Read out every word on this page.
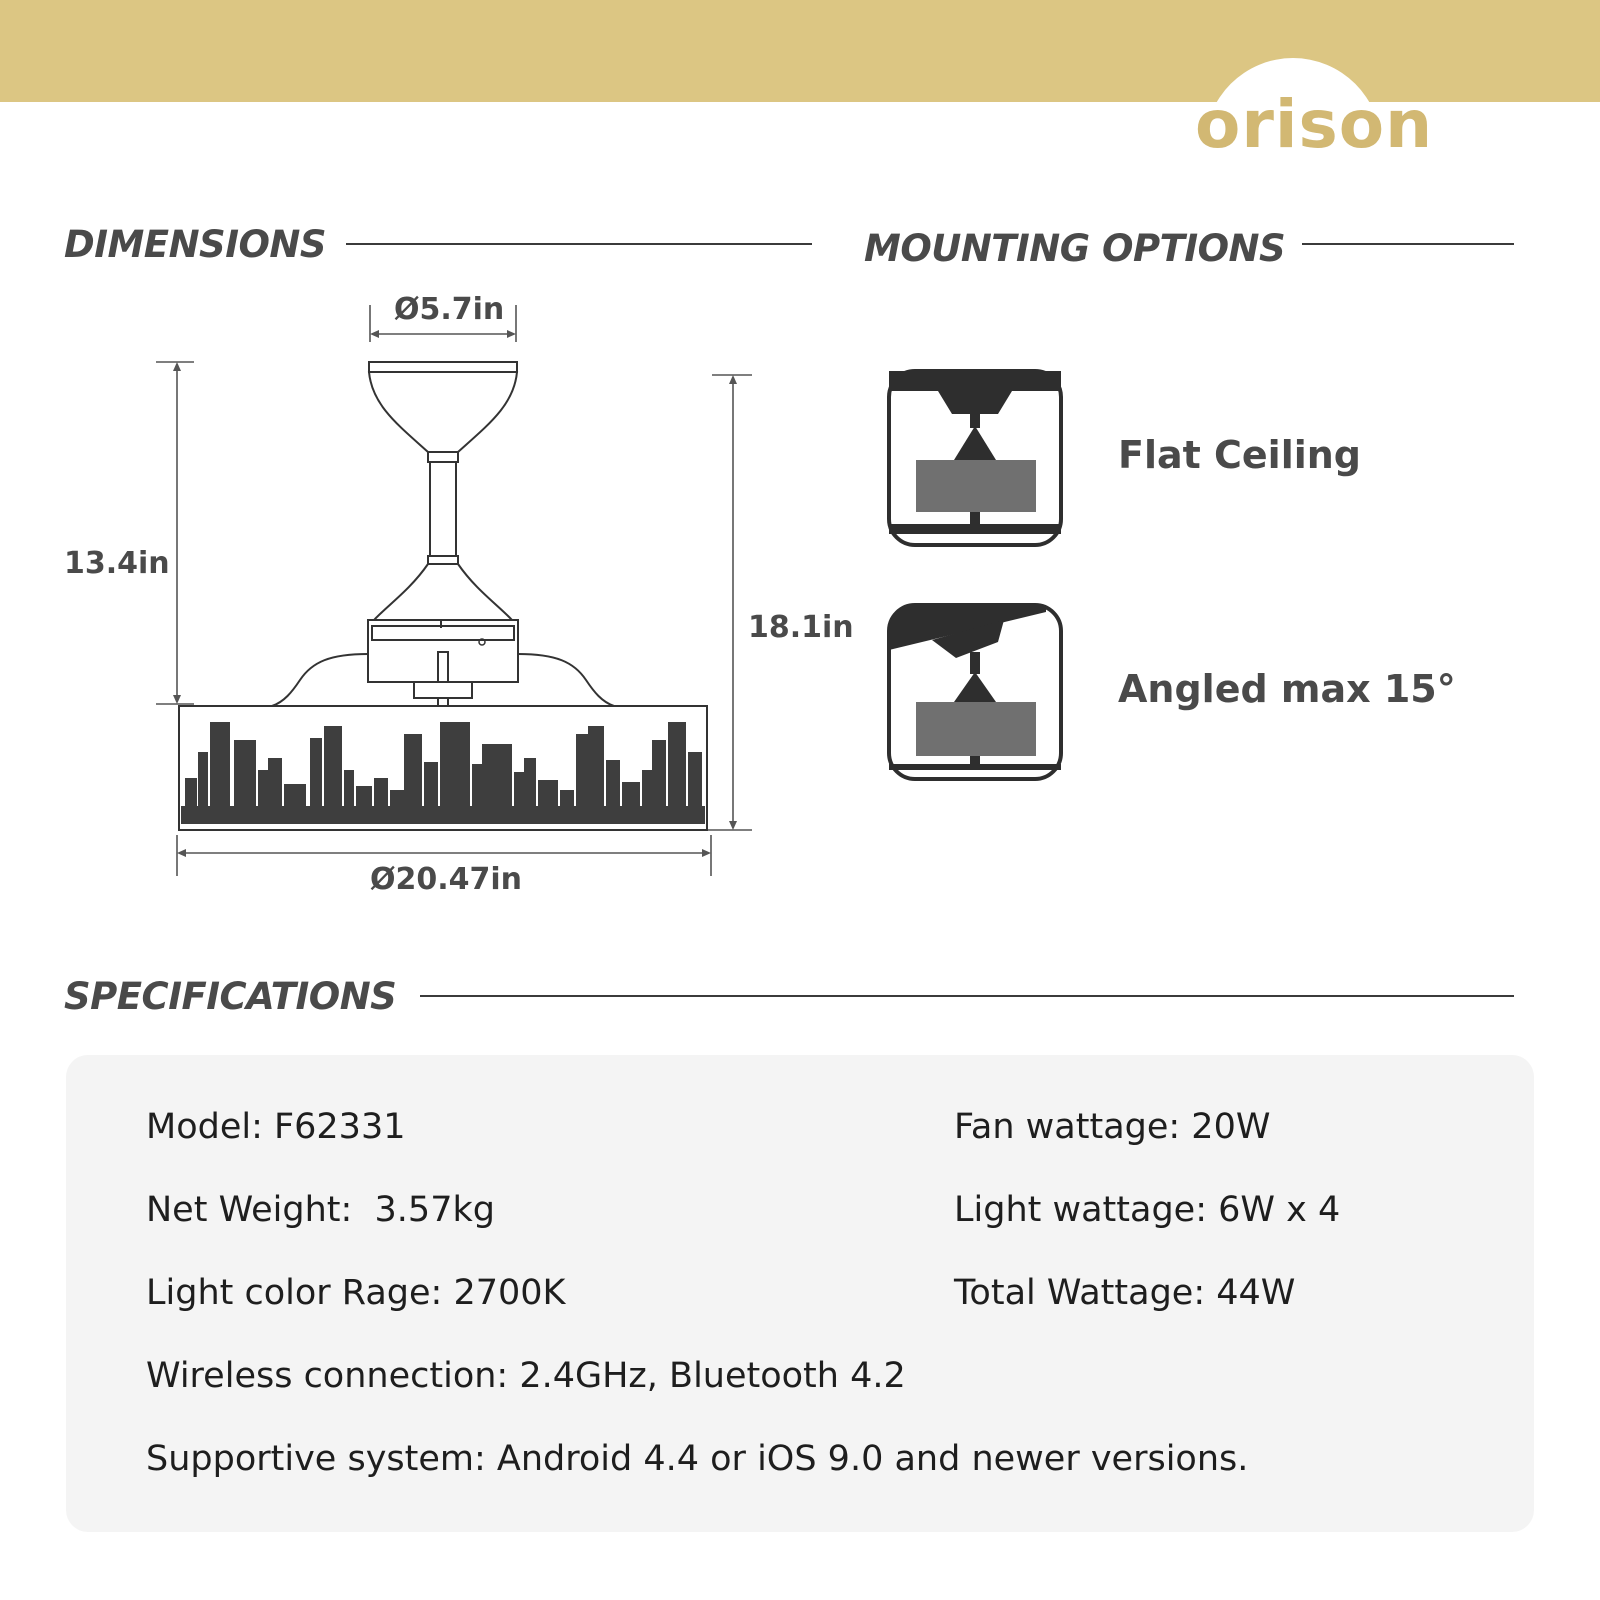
orison
DIMENSIONS	MOUNTING OPTIONS
SPECIFICATIONS
Ø5.7in
13.4in
18.1in
Ø20.47in
Flat Ceiling
Angled max 15°
Model: F62331
Net Weight:  3.57kg
Light color Rage: 2700K
Fan wattage: 20W
Light wattage: 6W x 4
Total Wattage: 44W
Wireless connection: 2.4GHz, Bluetooth 4.2
Supportive system: Android 4.4 or iOS 9.0 and newer versions.
